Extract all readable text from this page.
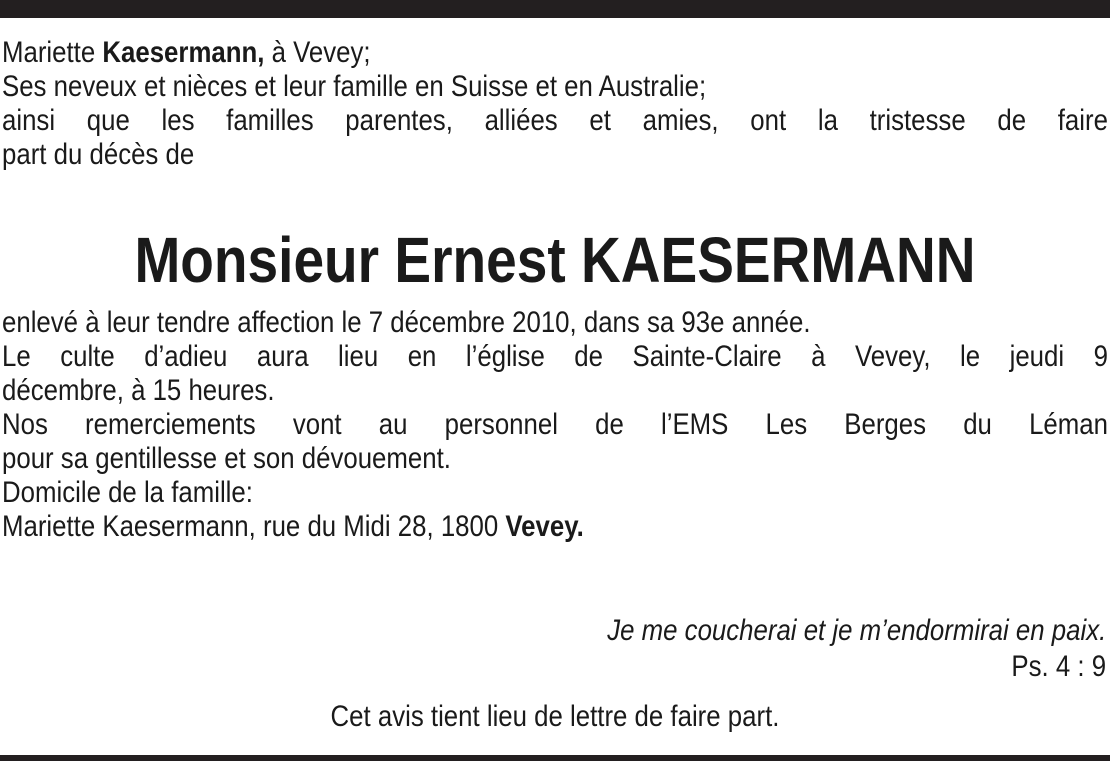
Mariette Kaesermann, à Vevey;
Ses neveux et nièces et leur famille en Suisse et en Australie;
ainsi que les familles parentes, alliées et amies, ont la tristesse de faire
part du décès de
Monsieur Ernest KAESERMANN
enlevé à leur tendre affection le 7 décembre 2010, dans sa 93e année.
Le culte d’adieu aura lieu en l’église de Sainte-Claire à Vevey, le jeudi 9
décembre, à 15 heures.
Nos remerciements vont au personnel de l’EMS Les Berges du Léman
pour sa gentillesse et son dévouement.
Domicile de la famille:
Mariette Kaesermann, rue du Midi 28, 1800 Vevey.
Je me coucherai et je m’endormirai en paix.
Ps. 4 : 9
Cet avis tient lieu de lettre de faire part.
